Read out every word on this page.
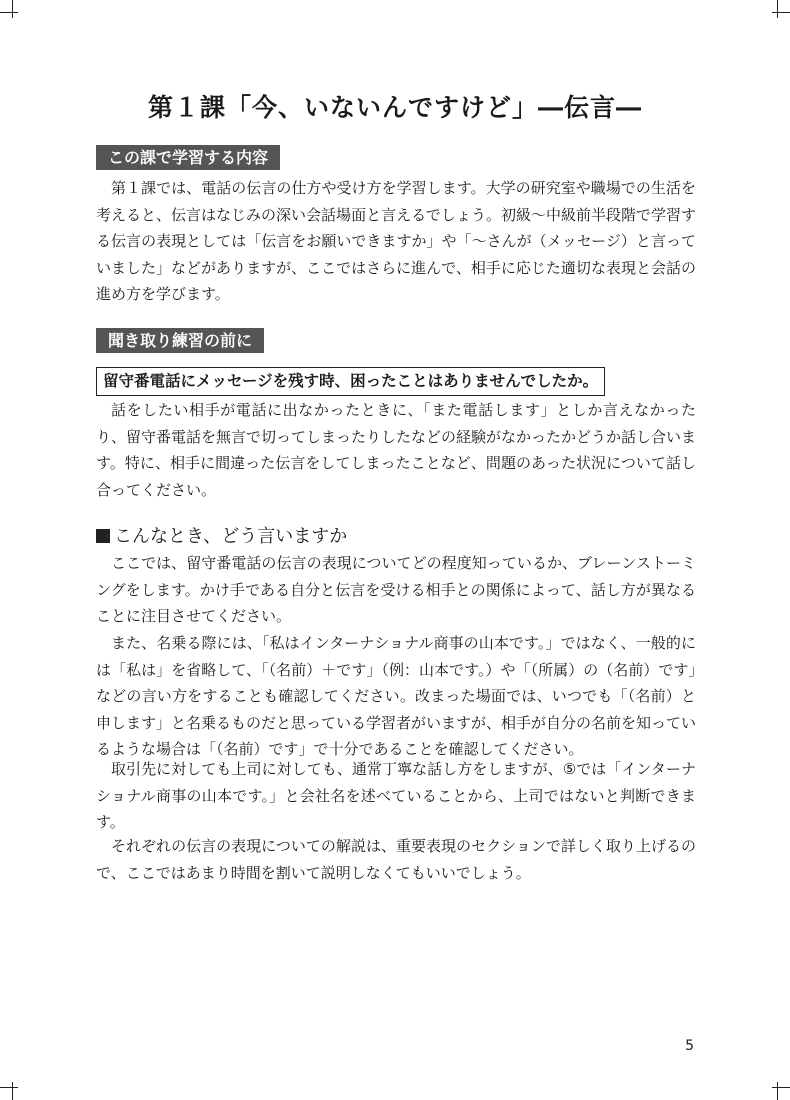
第１課「今、いないんですけど」―伝言―
この課で学習する内容

第１課では、電話の伝言の仕方や受け方を学習します。大学の研究室や職場での生活を考えると、伝言はなじみの深い会話場面と言えるでしょう。初級〜中級前半段階で学習する伝言の表現としては「伝言をお願いできますか」や「〜さんが（メッセージ）と言っていました」などがありますが、ここではさらに進んで、相手に応じた適切な表現と会話の進め方を学びます。

聞き取り練習の前に
留守番電話にメッセージを残す時、困ったことはありませんでしたか。

話をしたい相手が電話に出なかったときに、「また電話します」としか言えなかったり、留守番電話を無言で切ってしまったりしたなどの経験がなかったかどうか話し合います。特に、相手に間違った伝言をしてしまったことなど、問題のあった状況について話し合ってください。

こんなとき、どう言いますか

ここでは、留守番電話の伝言の表現についてどの程度知っているか、ブレーンストーミングをします。かけ手である自分と伝言を受ける相手との関係によって、話し方が異なることに注目させてください。

また、名乗る際には、「私はインターナショナル商事の山本です。」ではなく、一般的には「私は」を省略して、「（名前）＋です」（例：山本です。）や「（所属）の（名前）です」などの言い方をすることも確認してください。改まった場面では、いつでも「（名前）と申します」と名乗るものだと思っている学習者がいますが、相手が自分の名前を知っているような場合は「（名前）です」で十分であることを確認してください。

取引先に対しても上司に対しても、通常丁寧な話し方をしますが、⑤では「インターナショナル商事の山本です。」と会社名を述べていることから、上司ではないと判断できます。

それぞれの伝言の表現についての解説は、重要表現のセクションで詳しく取り上げるので、ここではあまり時間を割いて説明しなくてもいいでしょう。

5
